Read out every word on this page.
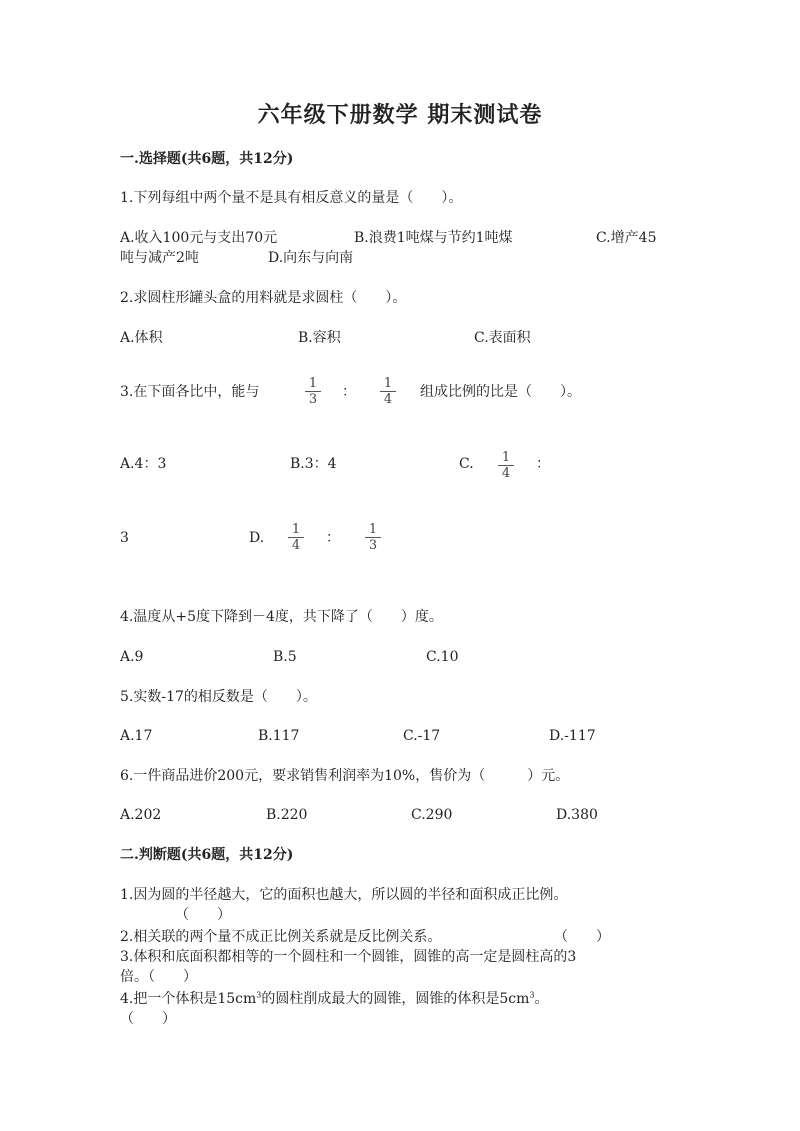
六年级下册数学 期末测试卷
一.选择题(共6题，共12分)
1.下列每组中两个量不是具有相反意义的量是（　　）。
A.收入100元与支出70元	B.浪费1吨煤与节约1吨煤	C.增产45
吨与减产2吨	D.向东与向南
2.求圆柱形罐头盒的用料就是求圆柱（　　）。
A.体积	B.容积	C.表面积
3.在下面各比中，能与	$\frac{1}{3}$ ： $\frac{1}{4}$ 组成比例的比是（　　）。
A.4：3	B.3：4	C. $\frac{1}{4}$ ：
3	D. $\frac{1}{4}$ ： $\frac{1}{3}$
4.温度从+5度下降到－4度，共下降了（　　）度。
A.9	B.5	C.10
5.实数-17的相反数是（　　）。
A.17	B.117	C.-17	D.-117
6.一件商品进价200元，要求销售利润率为10%，售价为（　　　）元。
A.202	B.220	C.290	D.380
二.判断题(共6题，共12分)
1.因为圆的半径越大，它的面积也越大，所以圆的半径和面积成正比例。
（　　）
2.相关联的两个量不成正比例关系就是反比例关系。	（　　）
3.体积和底面积都相等的一个圆柱和一个圆锥，圆锥的高一定是圆柱高的3
倍。（　　）
4.把一个体积是$15cm^3$的圆柱削成最大的圆锥，圆锥的体积是$5cm^3$。
（　　）
